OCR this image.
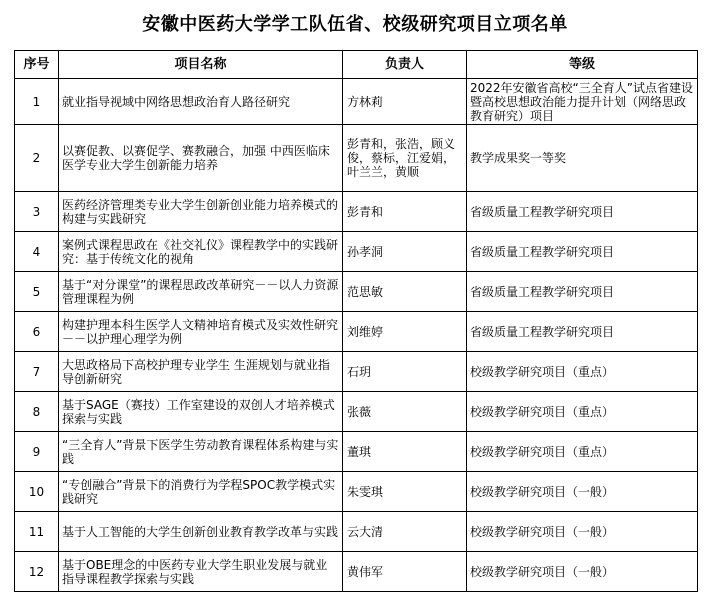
安徽中医药大学学工队伍省、校级研究项目立项名单
序号	项目名称	负责人	等级
1	就业指导视域中网络思想政治育人路径研究	方林莉	2022年安徽省高校“三全育人”试点省建设暨高校思想政治能力提升计划（网络思政教育研究）项目
2	以赛促教、以赛促学、赛教融合，加强 中西医临床医学专业大学生创新能力培养	彭青和，张浩，顾义俊，蔡标，江爱娟，叶兰兰，黄顺	教学成果奖一等奖
3	医药经济管理类专业大学生创新创业能力培养模式的构建与实践研究	彭青和	省级质量工程教学研究项目
4	案例式课程思政在《社交礼仪》课程教学中的实践研究：基于传统文化的视角	孙孝洞	省级质量工程教学研究项目
5	基于“对分课堂”的课程思政改革研究－－以人力资源管理课程为例	范思敏	省级质量工程教学研究项目
6	构建护理本科生医学人文精神培育模式及实效性研究－－以护理心理学为例	刘维婷	省级质量工程教学研究项目
7	大思政格局下高校护理专业学生 生涯规划与就业指导创新研究	石玥	校级教学研究项目（重点）
8	基于SAGE（赛技）工作室建设的双创人才培养模式探索与实践	张薇	校级教学研究项目（重点）
9	“三全育人”背景下医学生劳动教育课程体系构建与实践	董琪	校级教学研究项目（重点）
10	“专创融合”背景下的消费行为学程SPOC教学模式实践研究	朱雯琪	校级教学研究项目（一般）
11	基于人工智能的大学生创新创业教育教学改革与实践	云大清	校级教学研究项目（一般）
12	基于OBE理念的中医药专业大学生职业发展与就业指导课程教学探索与实践	黄伟军	校级教学研究项目（一般）
